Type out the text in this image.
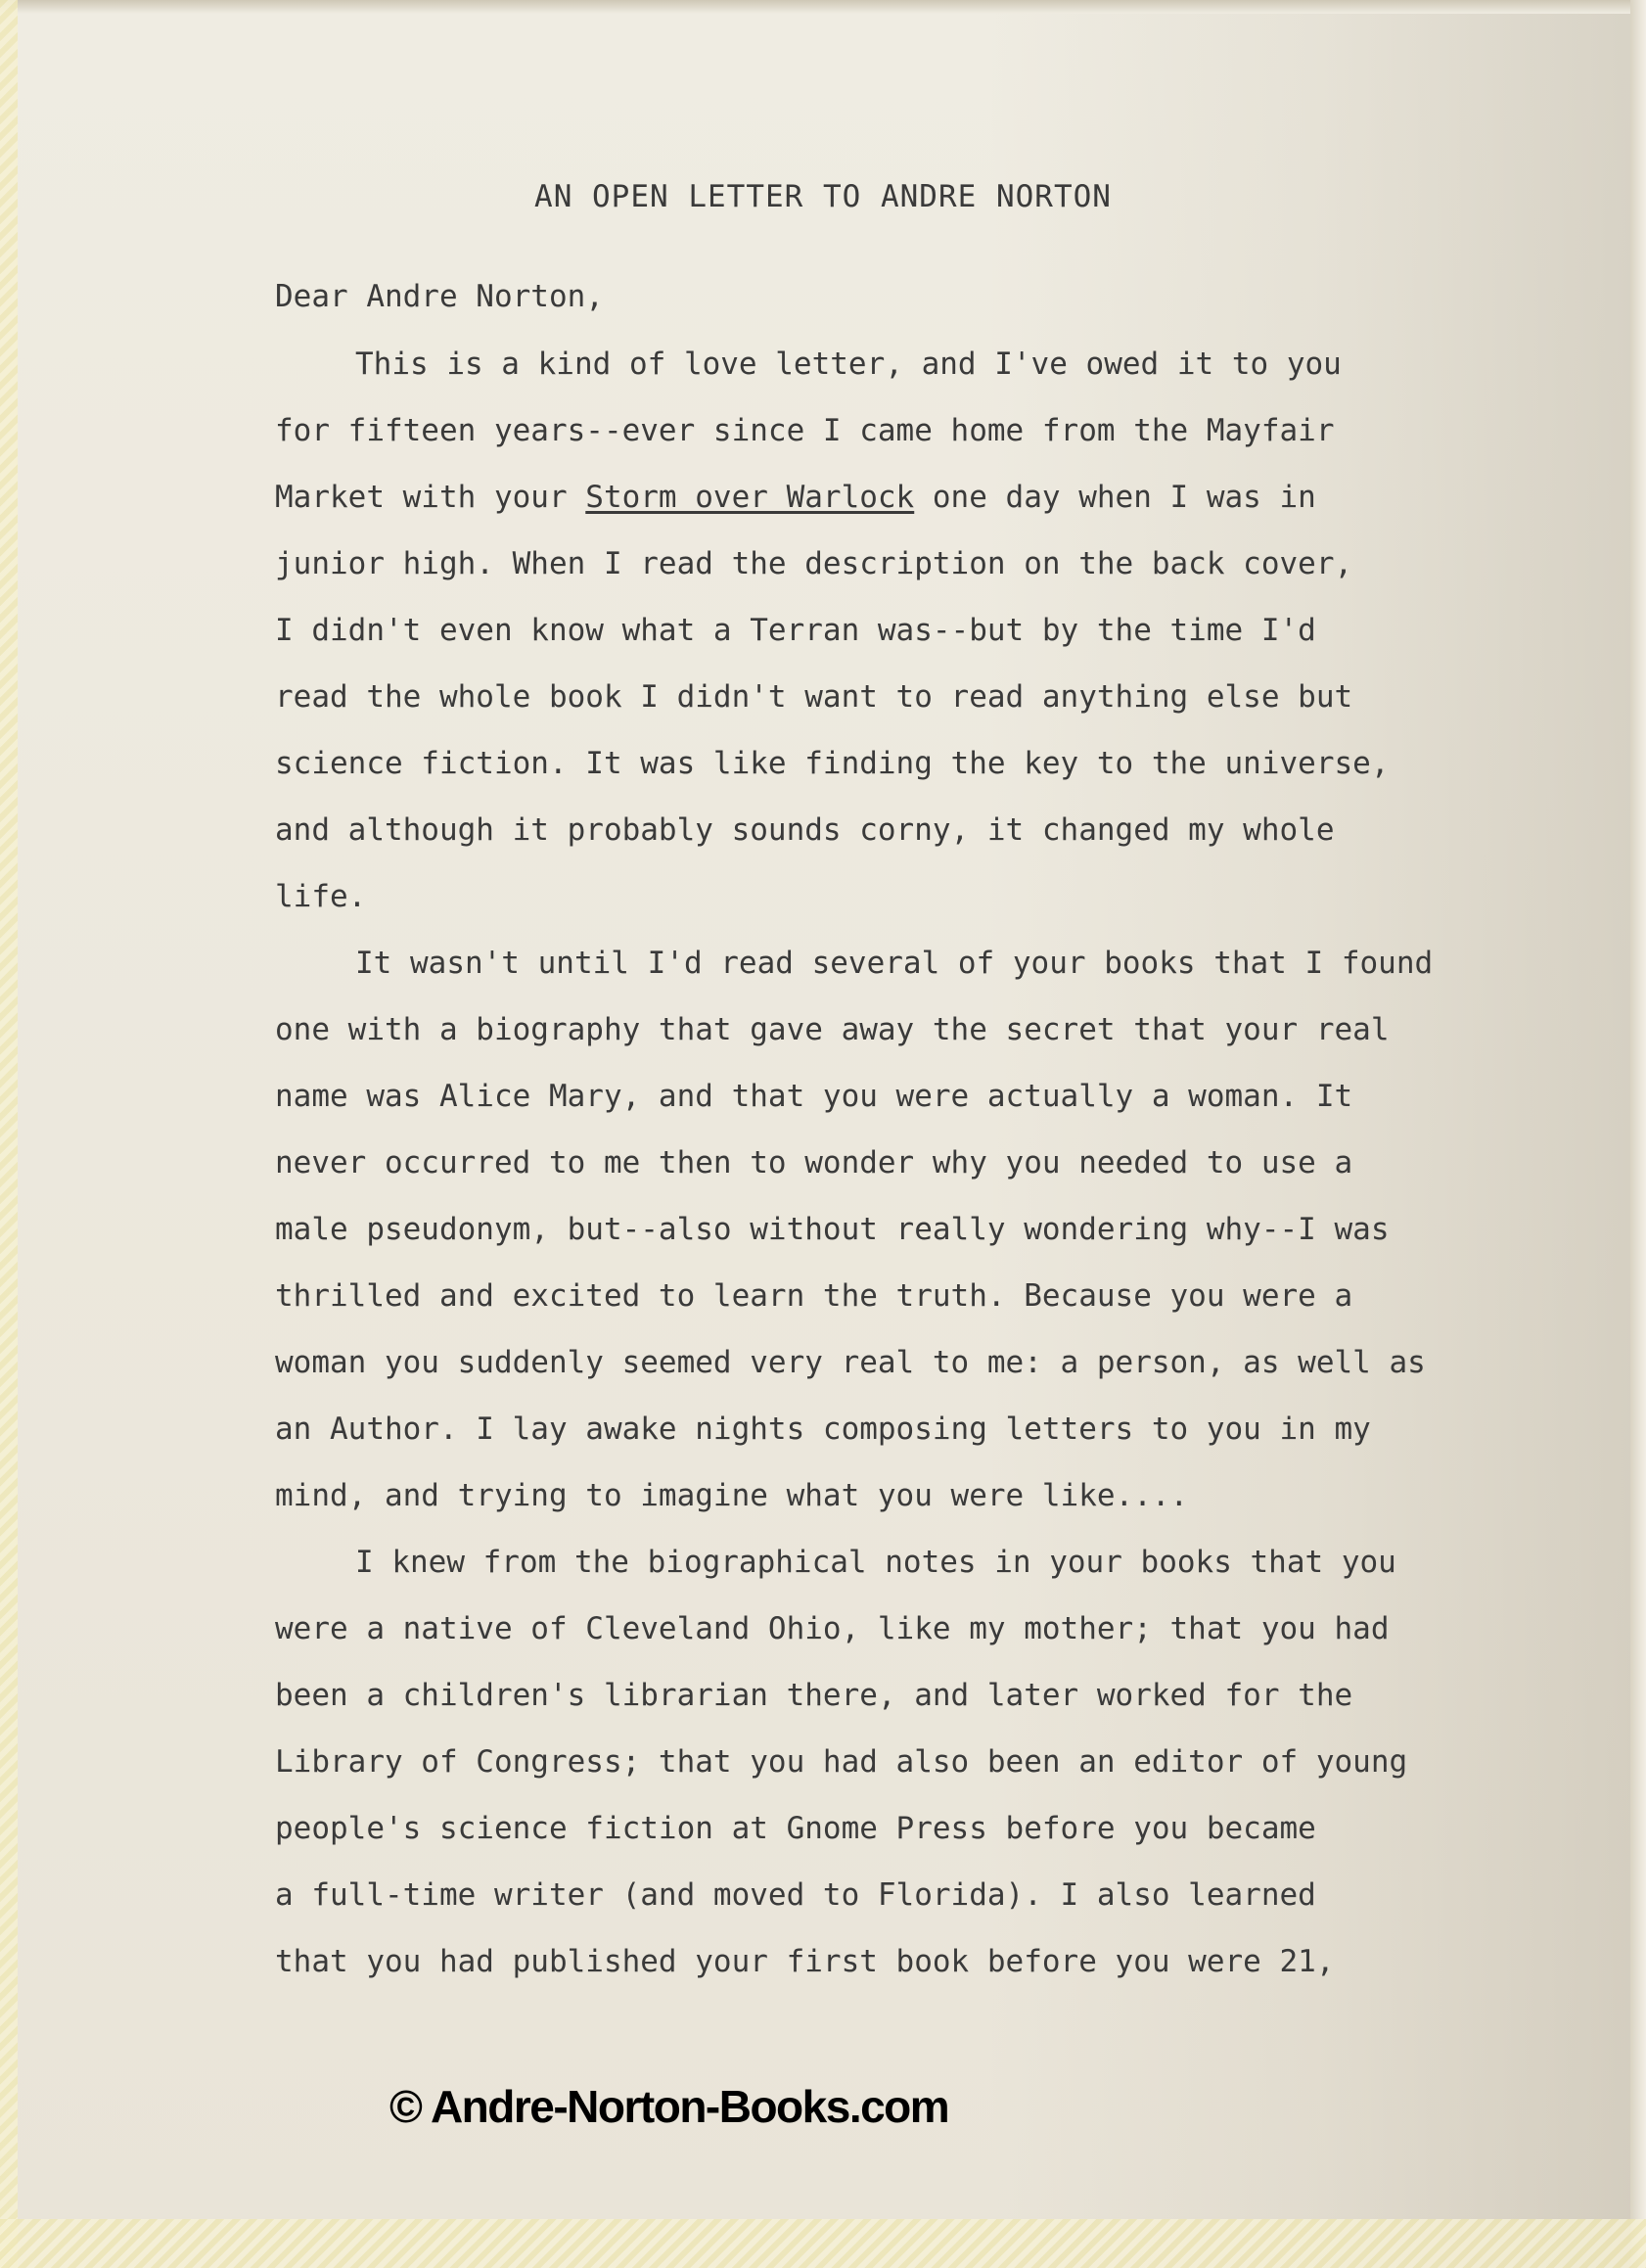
AN OPEN LETTER TO ANDRE NORTON
Dear Andre Norton,
This is a kind of love letter, and I've owed it to you
for fifteen years--ever since I came home from the Mayfair
Market with your Storm over Warlock one day when I was in
junior high. When I read the description on the back cover,
I didn't even know what a Terran was--but by the time I'd
read the whole book I didn't want to read anything else but
science fiction. It was like finding the key to the universe,
and although it probably sounds corny, it changed my whole
life.
It wasn't until I'd read several of your books that I found
one with a biography that gave away the secret that your real
name was Alice Mary, and that you were actually a woman. It
never occurred to me then to wonder why you needed to use a
male pseudonym, but--also without really wondering why--I was
thrilled and excited to learn the truth. Because you were a
woman you suddenly seemed very real to me: a person, as well as
an Author. I lay awake nights composing letters to you in my
mind, and trying to imagine what you were like....
I knew from the biographical notes in your books that you
were a native of Cleveland Ohio, like my mother; that you had
been a children's librarian there, and later worked for the
Library of Congress; that you had also been an editor of young
people's science fiction at Gnome Press before you became
a full-time writer (and moved to Florida). I also learned
that you had published your first book before you were 21,
© Andre-Norton-Books.com
